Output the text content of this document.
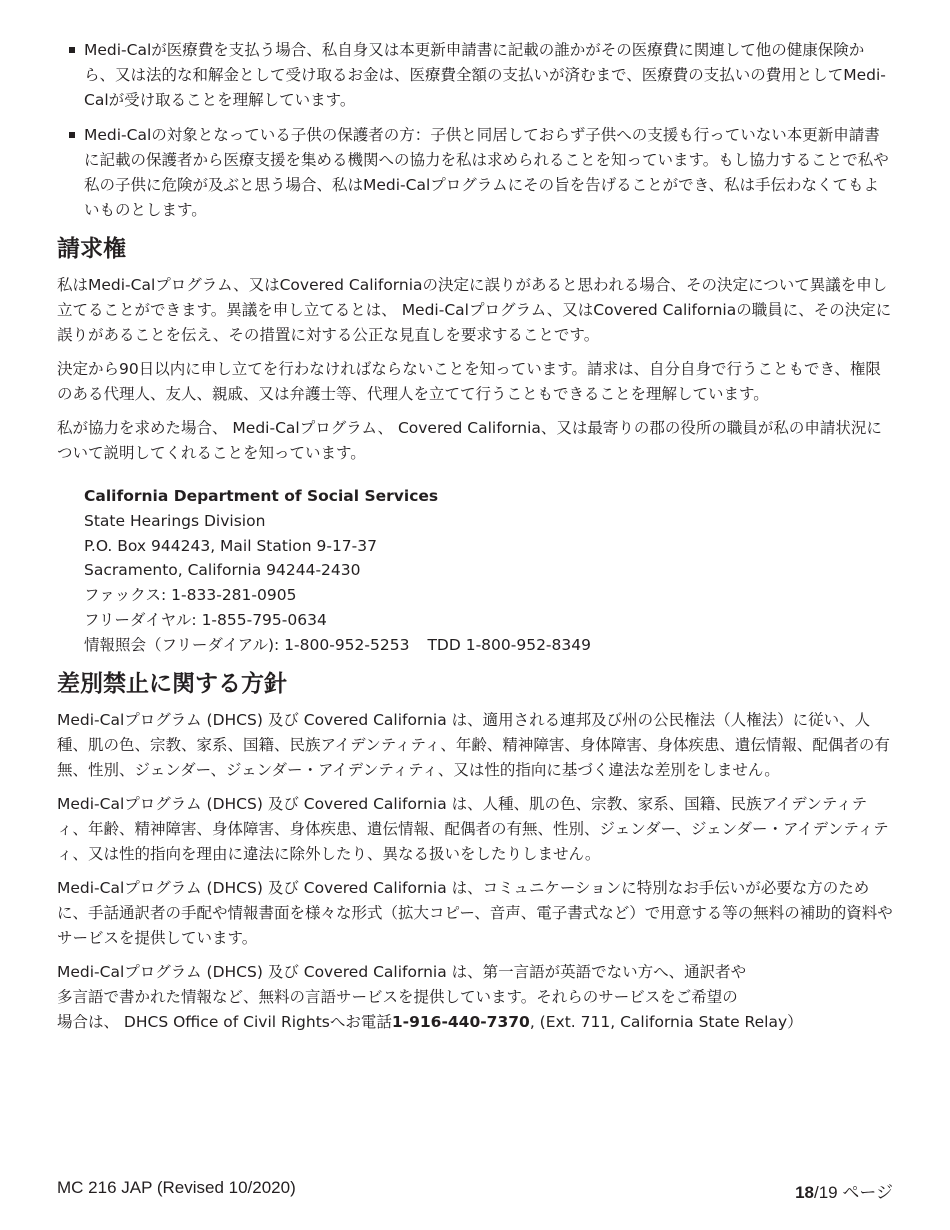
Medi-Calが医療費を支払う場合、私自身又は本更新申請書に記載の誰かがその医療費に関連して他の健康保険から、又は法的な和解金として受け取るお金は、医療費全額の支払いが済むまで、医療費の支払いの費用としてMedi-Calが受け取ることを理解しています。
Medi-Calの対象となっている子供の保護者の方：子供と同居しておらず子供への支援も行っていない本更新申請書に記載の保護者から医療支援を集める機関への協力を私は求められることを知っています。もし協力することで私や私の子供に危険が及ぶと思う場合、私はMedi-Calプログラムにその旨を告げることができ、私は手伝わなくてもよいものとします。
請求権

私はMedi-Calプログラム、又はCovered Californiaの決定に誤りがあると思われる場合、その決定について異議を申し立てることができます。異議を申し立てるとは、 Medi-Calプログラム、又はCovered Californiaの職員に、その決定に誤りがあることを伝え、その措置に対する公正な見直しを要求することです。

決定から90日以内に申し立てを行わなければならないことを知っています。請求は、自分自身で行うこともでき、権限のある代理人、友人、親戚、又は弁護士等、代理人を立てて行うこともできることを理解しています。

私が協力を求めた場合、 Medi-Calプログラム、 Covered California、又は最寄りの郡の役所の職員が私の申請状況について説明してくれることを知っています。

California Department of Social Services
State Hearings Division
P.O. Box 944243, Mail Station 9-17-37
Sacramento, California 94244-2430
ファックス: 1-833-281-0905
フリーダイヤル: 1-855-795-0634
情報照会（フリーダイアル): 1-800-952-5253 TDD 1-800-952-8349
差別禁止に関する方針

Medi-Calプログラム (DHCS) 及び Covered California は、適用される連邦及び州の公民権法（人権法）に従い、人種、肌の色、宗教、家系、国籍、民族アイデンティティ、年齢、精神障害、身体障害、身体疾患、遺伝情報、配偶者の有無、性別、ジェンダー、ジェンダー・アイデンティティ、又は性的指向に基づく違法な差別をしません。

Medi-Calプログラム (DHCS) 及び Covered California は、人種、肌の色、宗教、家系、国籍、民族アイデンティティ、年齢、精神障害、身体障害、身体疾患、遺伝情報、配偶者の有無、性別、ジェンダー、ジェンダー・アイデンティティ、又は性的指向を理由に違法に除外したり、異なる扱いをしたりしません。

Medi-Calプログラム (DHCS) 及び Covered California は、コミュニケーションに特別なお手伝いが必要な方のために、手話通訳者の手配や情報書面を様々な形式（拡大コピー、音声、電子書式など）で用意する等の無料の補助的資料やサービスを提供しています。

Medi-Calプログラム (DHCS) 及び Covered California は、第一言語が英語でない方へ、通訳者や
多言語で書かれた情報など、無料の言語サービスを提供しています。それらのサービスをご希望の
場合は、 DHCS Office of Civil Rightsへお電話1-916-440-7370, (Ext. 711, California State Relay）

MC 216 JAP (Revised 10/2020)	18/19 ページ
